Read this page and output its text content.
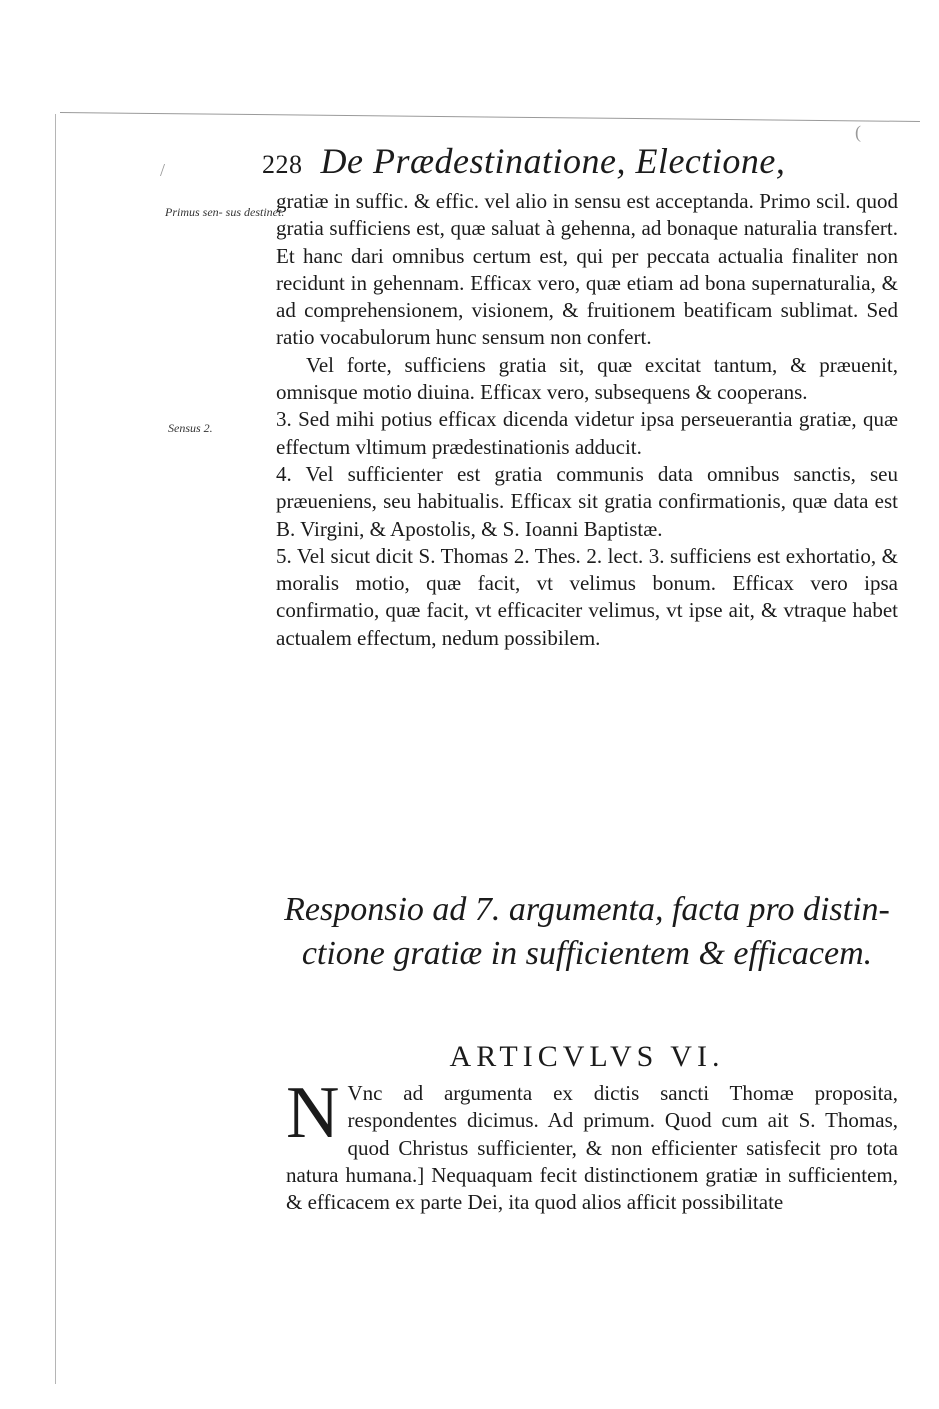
/
(
228 De Prædestinatione, Electione,
Primus sen- sus destinet.
Sensus 2.

gratiæ in suffic. & effic. vel alio in sensu est acceptanda. Primo scil. quod gratia sufficiens est, quæ saluat à gehenna, ad bonaque naturalia transfert. Et hanc dari omnibus certum est, qui per peccata actualia finaliter non recidunt in gehennam. Efficax vero, quæ etiam ad bona supernaturalia, & ad comprehensionem, visionem, & fruitionem beatificam sublimat. Sed ratio vocabulorum hunc sensum non confert.

Vel forte, sufficiens gratia sit, quæ excitat tantum, & præuenit, omnisque motio diuina. Efficax vero, subsequens & cooperans.

3. Sed mihi potius efficax dicenda videtur ipsa perseuerantia gratiæ, quæ effectum vltimum prædestinationis adducit.

4. Vel sufficienter est gratia communis data omnibus sanctis, seu præueniens, seu habitualis. Efficax sit gratia confirmationis, quæ data est B. Virgini, & Apostolis, & S. Ioanni Baptistæ.

5. Vel sicut dicit S. Thomas 2. Thes. 2. lect. 3. sufficiens est exhortatio, & moralis motio, quæ facit, vt velimus bonum. Efficax vero ipsa confirmatio, quæ facit, vt efficaciter velimus, vt ipse ait, & vtraque habet actualem effectum, nedum possibilem.

Responsio ad 7. argumenta, facta pro distinctione gratiæ in sufficientem & efficacem.
ARTICVLVS VI.
N Vnc ad argumenta ex dictis sancti Thomæ proposita, respondentes dicimus. Ad primum. Quod cum ait S. Thomas, quod Christus sufficienter, & non efficienter satisfecit pro tota natura humana.] Nequaquam fecit distinctionem gratiæ in sufficientem, & efficacem ex parte Dei, ita quod alios afficit possibilitate
